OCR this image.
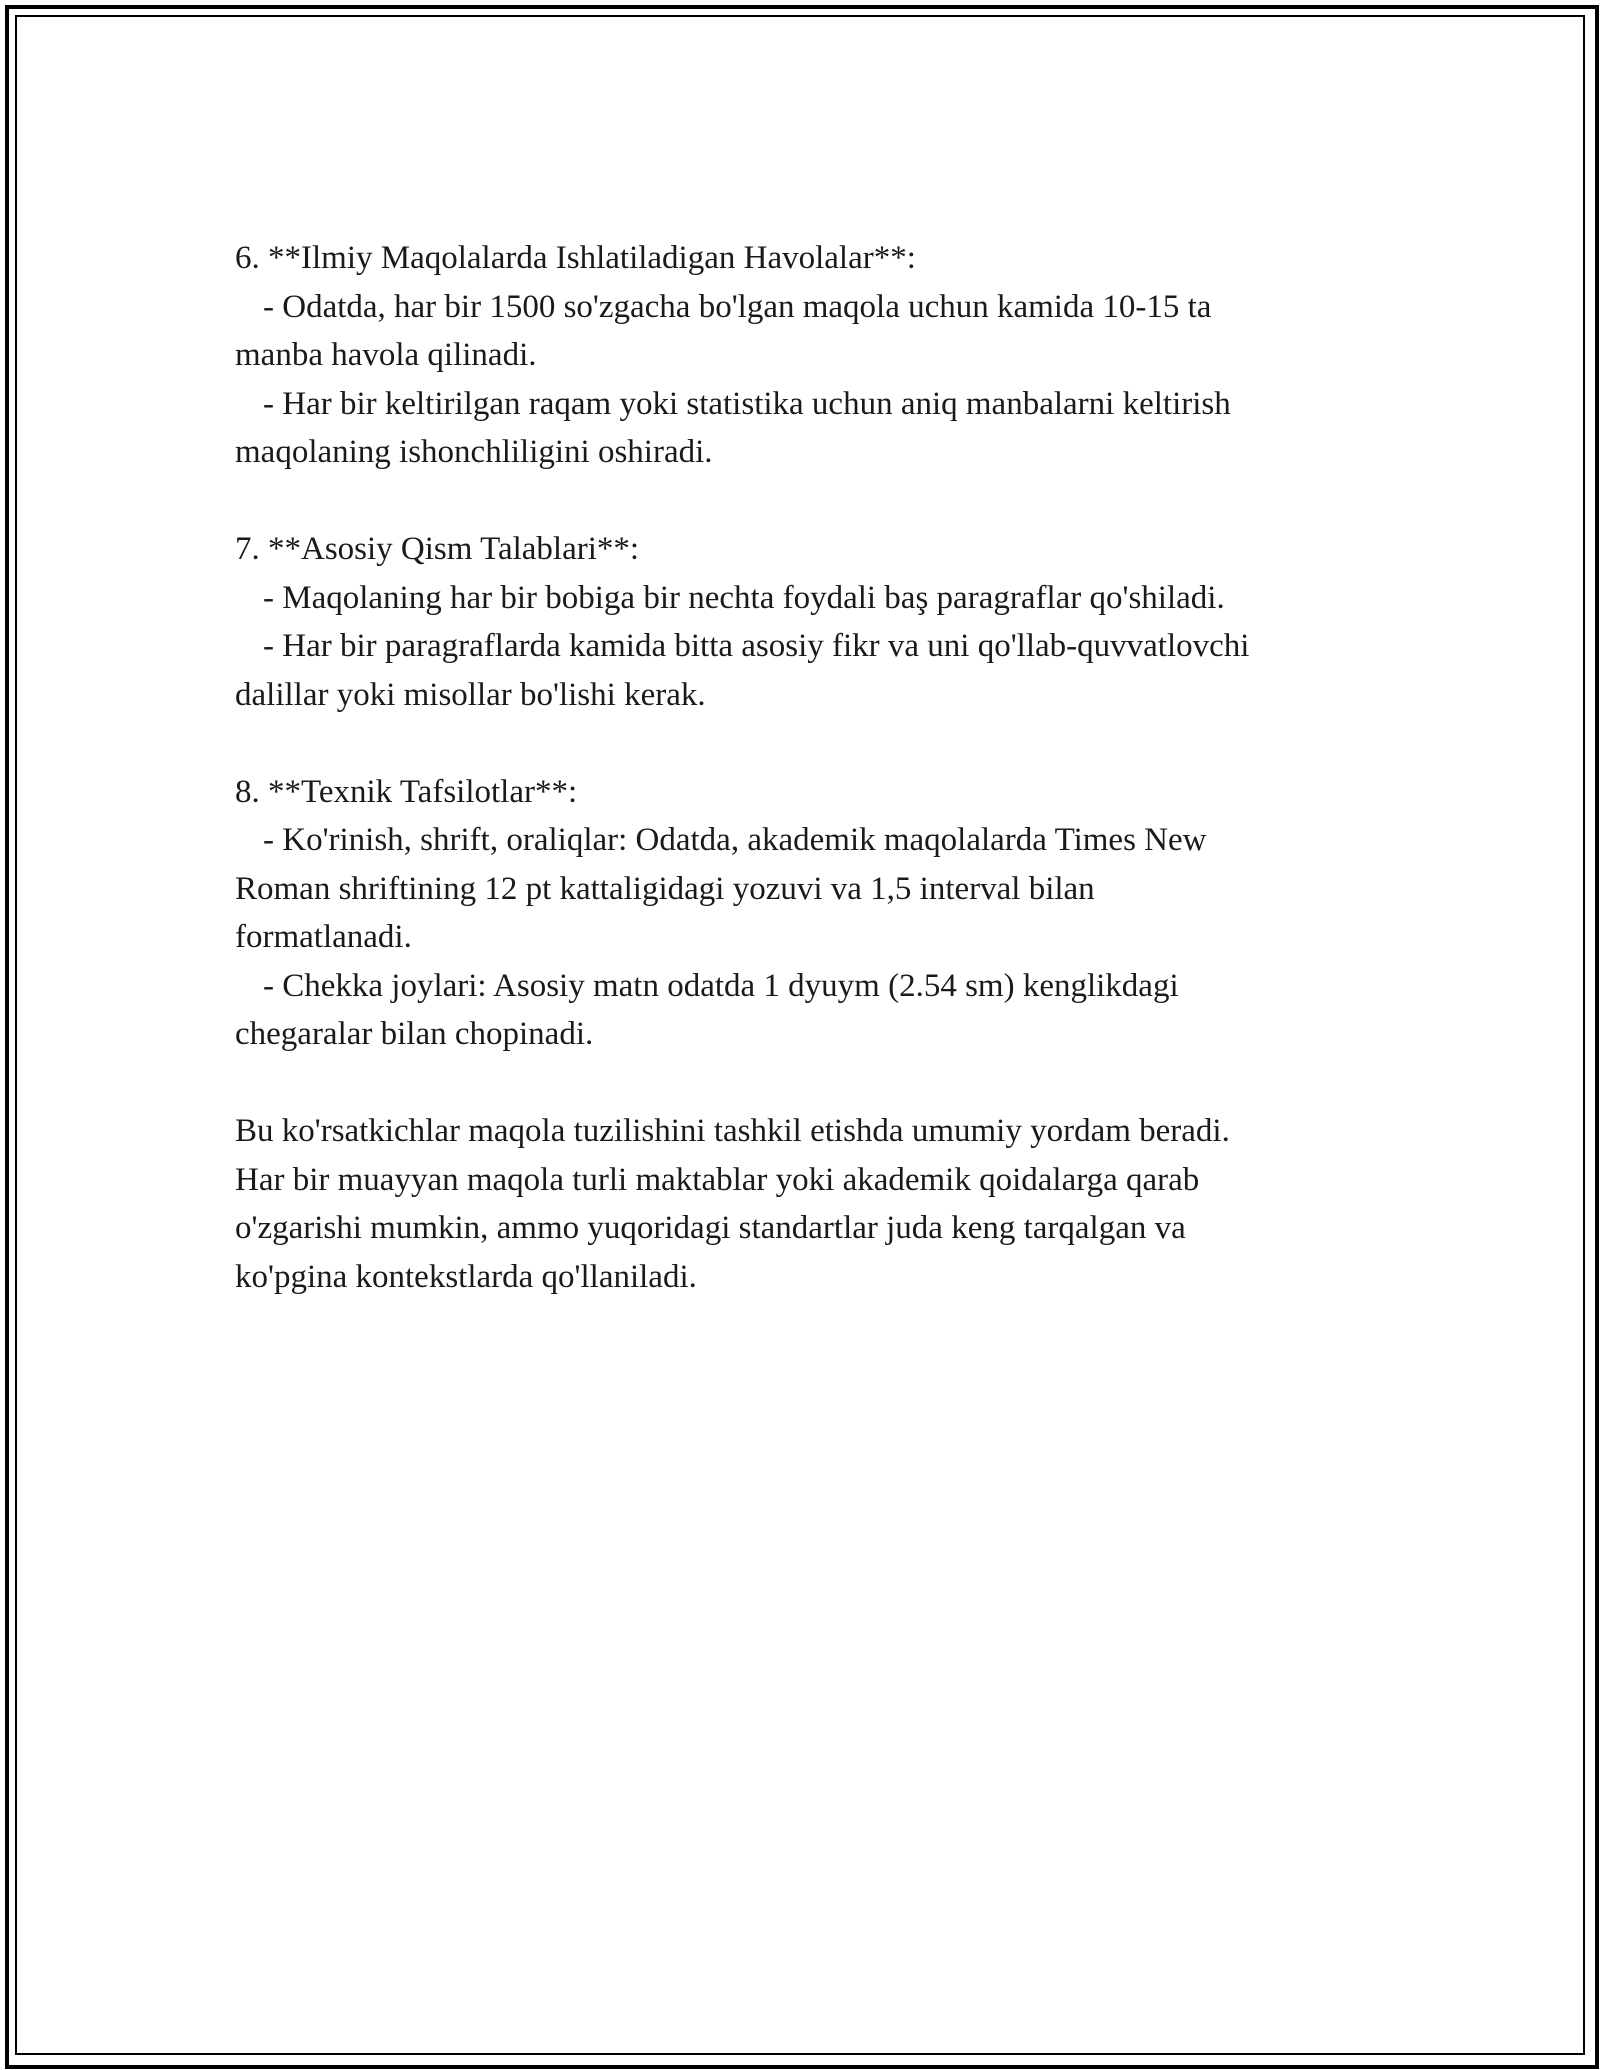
6. **Ilmiy Maqolalarda Ishlatiladigan Havolalar**:

- Odatda, har bir 1500 so'zgacha bo'lgan maqola uchun kamida 10-15 ta

manba havola qilinadi.

- Har bir keltirilgan raqam yoki statistika uchun aniq manbalarni keltirish

maqolaning ishonchliligini oshiradi.

7. **Asosiy Qism Talablari**:

- Maqolaning har bir bobiga bir nechta foydali baş paragraflar qo'shiladi.

- Har bir paragraflarda kamida bitta asosiy fikr va uni qo'llab-quvvatlovchi

dalillar yoki misollar bo'lishi kerak.

8. **Texnik Tafsilotlar**:

- Ko'rinish, shrift, oraliqlar: Odatda, akademik maqolalarda Times New

Roman shriftining 12 pt kattaligidagi yozuvi va 1,5 interval bilan

formatlanadi.

- Chekka joylari: Asosiy matn odatda 1 dyuym (2.54 sm) kenglikdagi

chegaralar bilan chopinadi.

Bu ko'rsatkichlar maqola tuzilishini tashkil etishda umumiy yordam beradi.

Har bir muayyan maqola turli maktablar yoki akademik qoidalarga qarab

o'zgarishi mumkin, ammo yuqoridagi standartlar juda keng tarqalgan va

ko'pgina kontekstlarda qo'llaniladi.
